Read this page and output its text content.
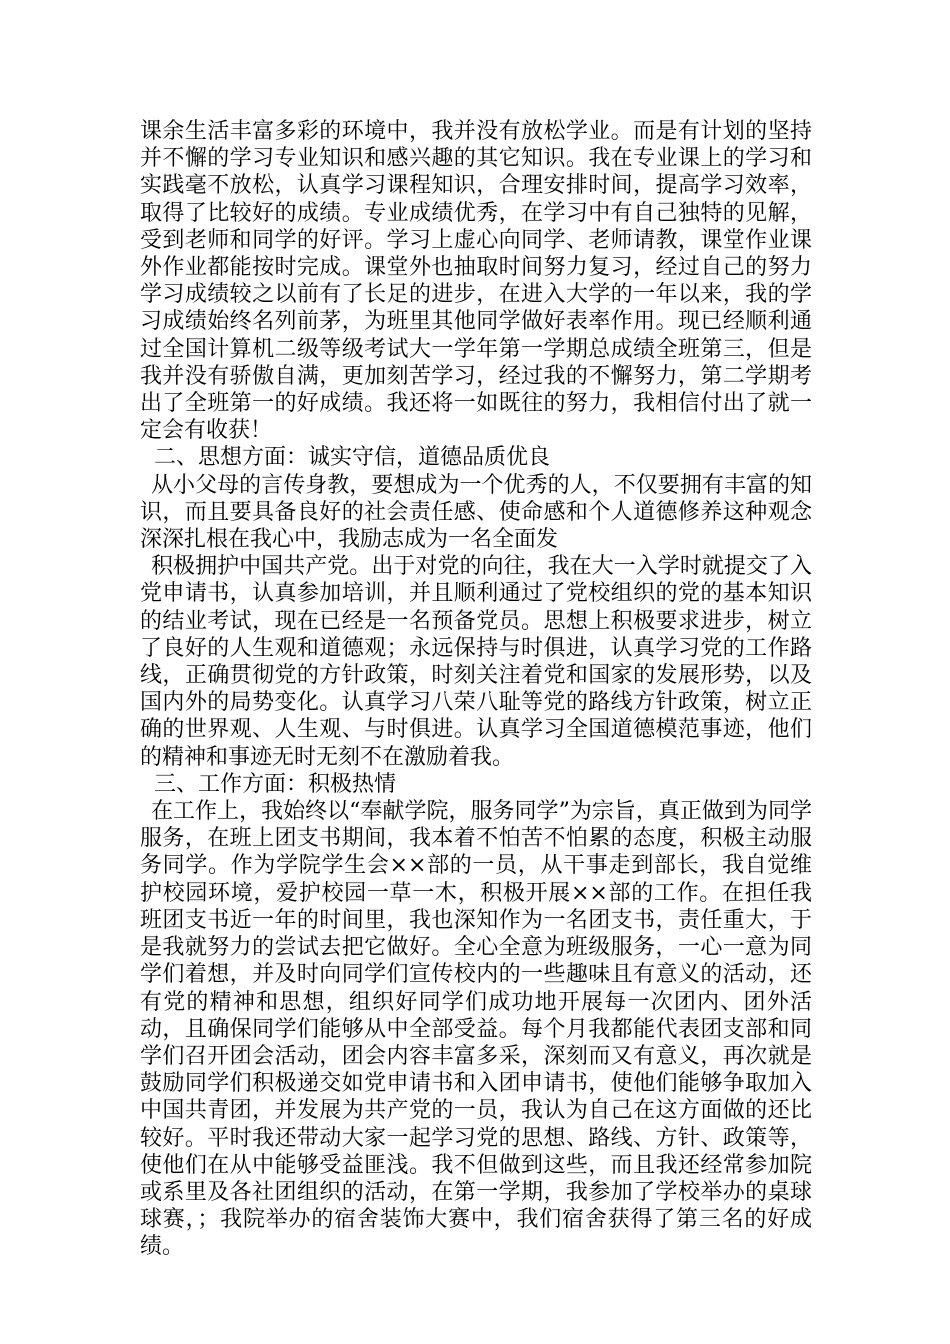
课余生活丰富多彩的环境中，我并没有放松学业。而是有计划的坚持并不懈的学习专业知识和感兴趣的其它知识。我在专业课上的学习和实践毫不放松，认真学习课程知识，合理安排时间，提高学习效率，取得了比较好的成绩。专业成绩优秀，在学习中有自己独特的见解，受到老师和同学的好评。学习上虚心向同学、老师请教，课堂作业课外作业都能按时完成。课堂外也抽取时间努力复习，经过自己的努力学习成绩较之以前有了长足的进步，在进入大学的一年以来，我的学习成绩始终名列前茅，为班里其他同学做好表率作用。现已经顺利通过全国计算机二级等级考试大一学年第一学期总成绩全班第三，但是我并没有骄傲自满，更加刻苦学习，经过我的不懈努力，第二学期考出了全班第一的好成绩。我还将一如既往的努力，我相信付出了就一定会有收获！

二、思想方面：诚实守信，道德品质优良

从小父母的言传身教，要想成为一个优秀的人，不仅要拥有丰富的知识，而且要具备良好的社会责任感、使命感和个人道德修养这种观念深深扎根在我心中，我励志成为一名全面发

积极拥护中国共产党。出于对党的向往，我在大一入学时就提交了入党申请书，认真参加培训，并且顺利通过了党校组织的党的基本知识的结业考试，现在已经是一名预备党员。思想上积极要求进步，树立了良好的人生观和道德观；永远保持与时俱进，认真学习党的工作路线，正确贯彻党的方针政策，时刻关注着党和国家的发展形势，以及国内外的局势变化。认真学习八荣八耻等党的路线方针政策，树立正确的世界观、人生观、与时俱进。认真学习全国道德模范事迹，他们的精神和事迹无时无刻不在激励着我。

三、工作方面：积极热情

在工作上，我始终以“奉献学院，服务同学”为宗旨，真正做到为同学服务，在班上团支书期间，我本着不怕苦不怕累的态度，积极主动服务同学。作为学院学生会××部的一员，从干事走到部长，我自觉维护校园环境，爱护校园一草一木，积极开展××部的工作。在担任我班团支书近一年的时间里，我也深知作为一名团支书，责任重大，于是我就努力的尝试去把它做好。全心全意为班级服务，一心一意为同学们着想，并及时向同学们宣传校内的一些趣味且有意义的活动，还有党的精神和思想，组织好同学们成功地开展每一次团内、团外活动，且确保同学们能够从中全部受益。每个月我都能代表团支部和同学们召开团会活动，团会内容丰富多采，深刻而又有意义，再次就是鼓励同学们积极递交如党申请书和入团申请书，使他们能够争取加入中国共青团，并发展为共产党的一员，我认为自己在这方面做的还比较好。平时我还带动大家一起学习党的思想、路线、方针、政策等，使他们在从中能够受益匪浅。我不但做到这些，而且我还经常参加院或系里及各社团组织的活动，在第一学期，我参加了学校举办的桌球球赛，；我院举办的宿舍装饰大赛中，我们宿舍获得了第三名的好成绩。
